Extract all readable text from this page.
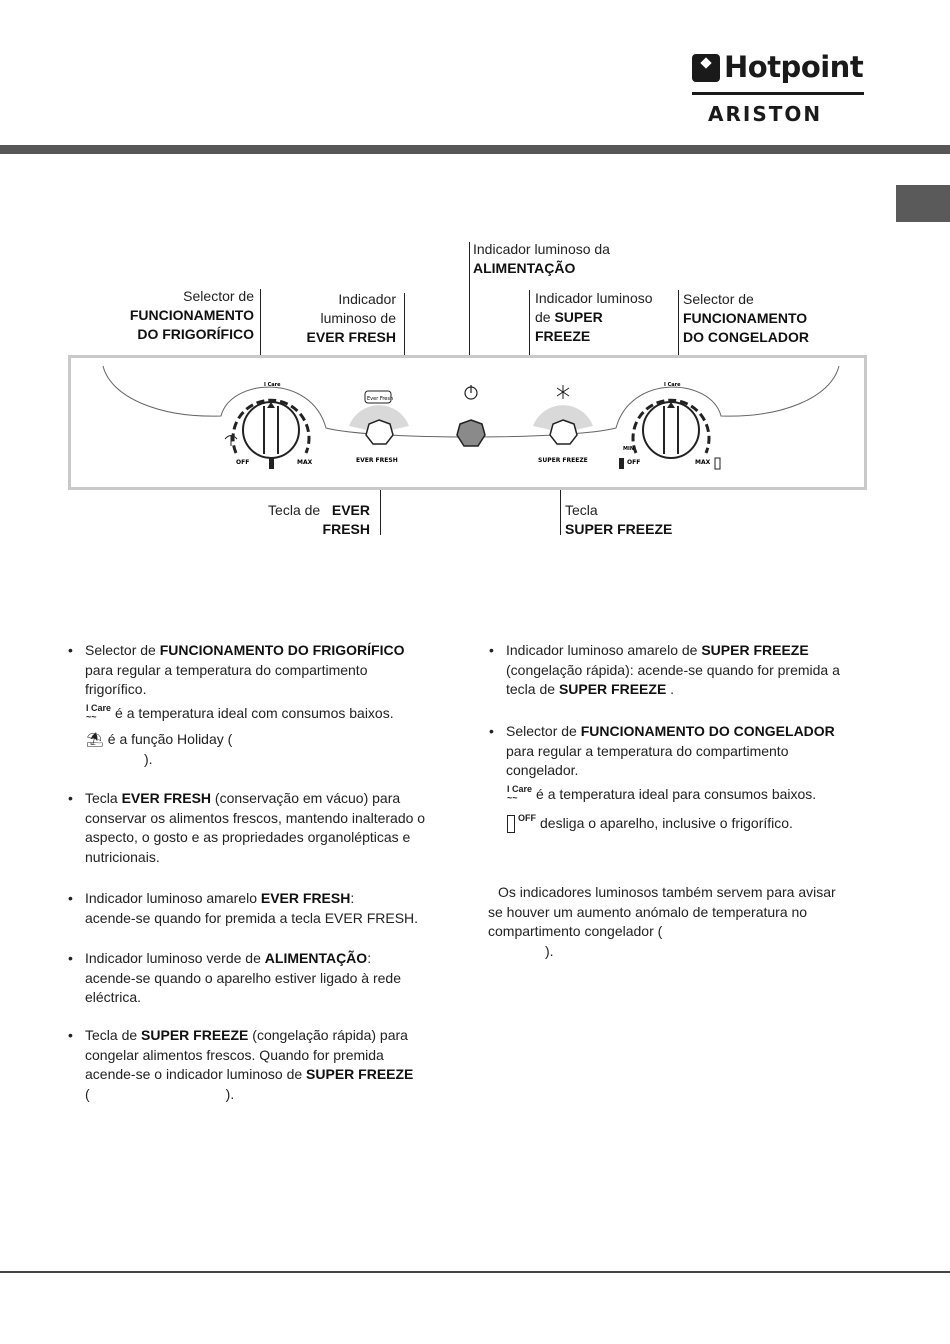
Hotpoint
ARISTON
Indicador luminoso da
ALIMENTAÇÃO
Selector de
FUNCIONAMENTO
DO FRIGORÍFICO
Indicador
luminoso de
EVER FRESH
Indicador luminoso
de SUPER
FREEZE
Selector de
FUNCIONAMENTO
DO CONGELADOR
Tecla de EVER
FRESH
Tecla
SUPER FREEZE
OFF	MAX
I Care
Ever Fresh
EVER FRESH	SUPER FREEZE
I Care
MIN
OFF	MAX
• Selector de FUNCIONAMENTO DO FRIGORÍFICO
para regular a temperatura do compartimento
frigorífico.
I Care
~~ é a temperatura ideal com consumos baixos.
⛱ é a função Holiday (
).
• Tecla EVER FRESH (conservação em vácuo) para
conservar os alimentos frescos, mantendo inalterado o
aspecto, o gosto e as propriedades organolépticas e
nutricionais.
• Indicador luminoso amarelo EVER FRESH:
acende-se quando for premida a tecla EVER FRESH.
• Indicador luminoso verde de ALIMENTAÇÃO:
acende-se quando o aparelho estiver ligado à rede
eléctrica.
• Tecla de SUPER FREEZE (congelação rápida) para
congelar alimentos frescos. Quando for premida
acende-se o indicador luminoso de SUPER FREEZE
(	).
• Indicador luminoso amarelo de SUPER FREEZE
(congelação rápida): acende-se quando for premida a
tecla de SUPER FREEZE .
• Selector de FUNCIONAMENTO DO CONGELADOR
para regular a temperatura do compartimento
congelador.
I Care
~~ é a temperatura ideal para consumos baixos.
OFF desliga o aparelho, inclusive o frigorífico.
Os indicadores luminosos também servem para avisar
se houver um aumento anómalo de temperatura no
compartimento congelador (
).
